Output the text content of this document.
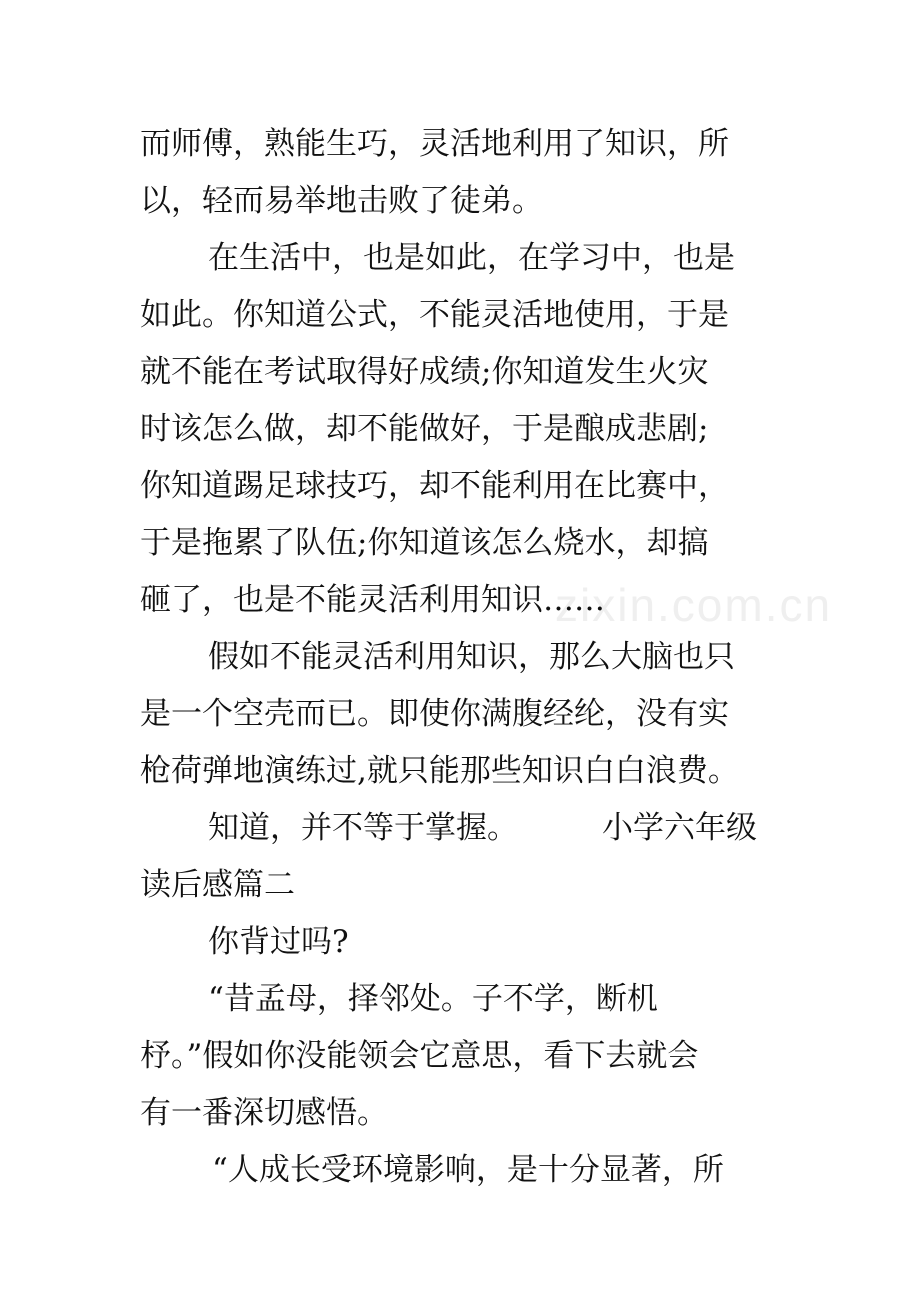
zixin.com.cn
而师傅，熟能生巧，灵活地利用了知识，所
以，轻而易举地击败了徒弟。
在生活中，也是如此，在学习中，也是
如此。你知道公式，不能灵活地使用，于是
就不能在考试取得好成绩;你知道发生火灾
时该怎么做，却不能做好，于是酿成悲剧;
你知道踢足球技巧，却不能利用在比赛中，
于是拖累了队伍;你知道该怎么烧水，却搞
砸了，也是不能灵活利用知识……
假如不能灵活利用知识，那么大脑也只
是一个空壳而已。即使你满腹经纶，没有实
枪荷弹地演练过,就只能那些知识白白浪费。
知道，并不等于掌握。	小学六年级
读后感篇二
你背过吗?
“昔孟母，择邻处。子不学，断机
杼。”假如你没能领会它意思，看下去就会
有一番深切感悟。
“人成长受环境影响，是十分显著，所
